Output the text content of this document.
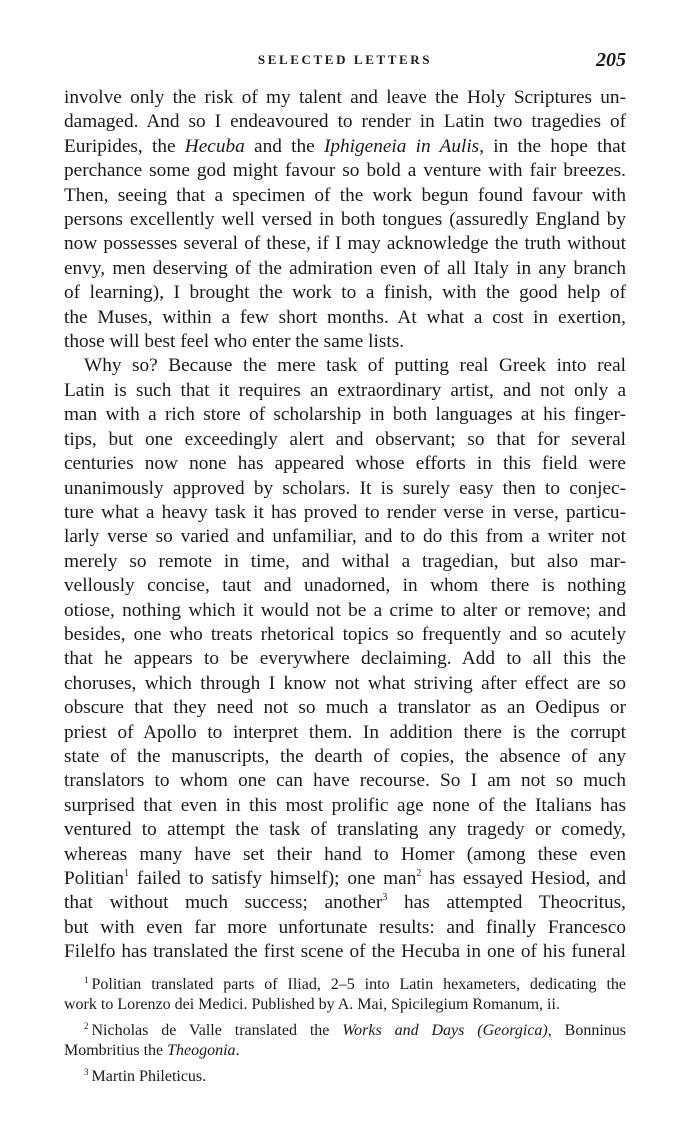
SELECTED LETTERS	205
involve only the risk of my talent and leave the Holy Scriptures un-
damaged. And so I endeavoured to render in Latin two tragedies of
Euripides, the Hecuba and the Iphigeneia in Aulis, in the hope that
perchance some god might favour so bold a venture with fair breezes.
Then, seeing that a specimen of the work begun found favour with
persons excellently well versed in both tongues (assuredly England by
now possesses several of these, if I may acknowledge the truth without
envy, men deserving of the admiration even of all Italy in any branch
of learning), I brought the work to a finish, with the good help of
the Muses, within a few short months. At what a cost in exertion,
those will best feel who enter the same lists.
Why so? Because the mere task of putting real Greek into real
Latin is such that it requires an extraordinary artist, and not only a
man with a rich store of scholarship in both languages at his finger-
tips, but one exceedingly alert and observant; so that for several
centuries now none has appeared whose efforts in this field were
unanimously approved by scholars. It is surely easy then to conjec-
ture what a heavy task it has proved to render verse in verse, particu-
larly verse so varied and unfamiliar, and to do this from a writer not
merely so remote in time, and withal a tragedian, but also mar-
vellously concise, taut and unadorned, in whom there is nothing
otiose, nothing which it would not be a crime to alter or remove; and
besides, one who treats rhetorical topics so frequently and so acutely
that he appears to be everywhere declaiming. Add to all this the
choruses, which through I know not what striving after effect are so
obscure that they need not so much a translator as an Oedipus or
priest of Apollo to interpret them. In addition there is the corrupt
state of the manuscripts, the dearth of copies, the absence of any
translators to whom one can have recourse. So I am not so much
surprised that even in this most prolific age none of the Italians has
ventured to attempt the task of translating any tragedy or comedy,
whereas many have set their hand to Homer (among these even
Politian$^1$ failed to satisfy himself); one man$^2$ has essayed Hesiod, and
that without much success; another$^3$ has attempted Theocritus,
but with even far more unfortunate results: and finally Francesco
Filelfo has translated the first scene of the Hecuba in one of his funeral
$^1$ Politian translated parts of Iliad, 2–5 into Latin hexameters, dedicating the
work to Lorenzo dei Medici. Published by A. Mai, Spicilegium Romanum, ii.
$^2$ Nicholas de Valle translated the Works and Days (Georgica), Bonninus
Mombritius the Theogonia.
$^3$ Martin Phileticus.
